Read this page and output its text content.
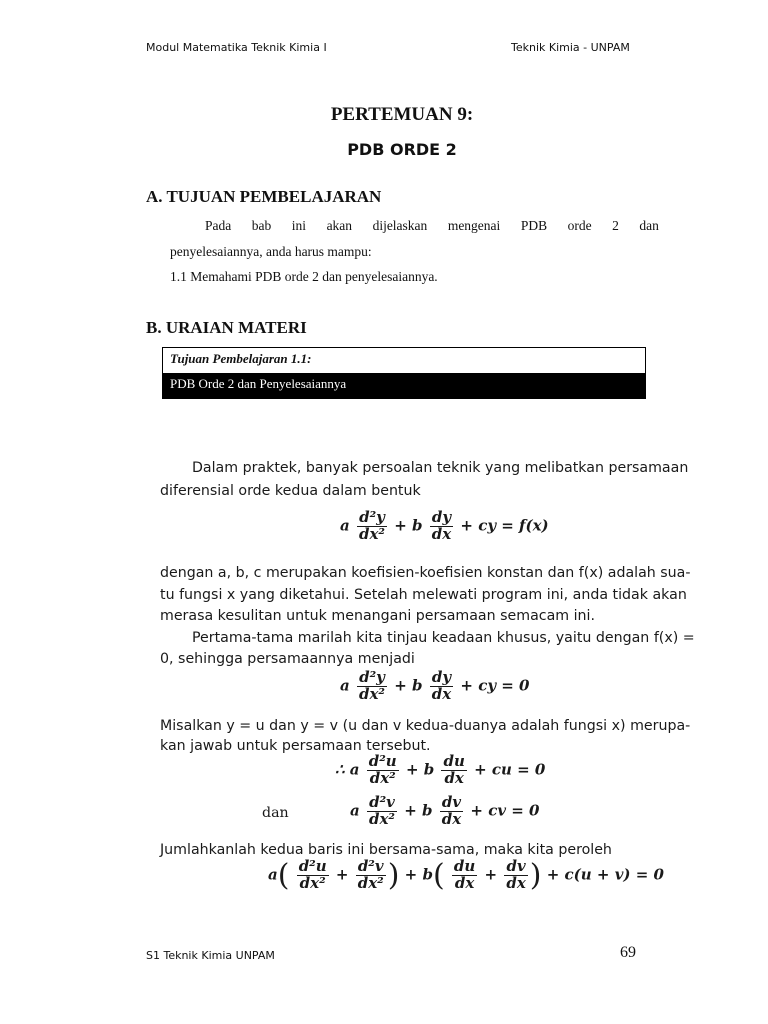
Modul Matematika Teknik Kimia I	Teknik Kimia - UNPAM
PERTEMUAN 9:
PDB ORDE 2
A. TUJUAN PEMBELAJARAN
Pada bab ini akan dijelaskan mengenai PDB orde 2 dan
penyelesaiannya, anda harus mampu:
1.1 Memahami PDB orde 2 dan penyelesaiannya.
B. URAIAN MATERI
Tujuan Pembelajaran 1.1:
PDB Orde 2 dan Penyelesaiannya
Dalam praktek, banyak persoalan teknik yang melibatkan persamaan
diferensial orde kedua dalam bentuk
a $\frac{\text{d²y}}{\text{dx²}} + b \frac{dy}{dx}$ + cy = f(x)
dengan a, b, c merupakan koefisien-koefisien konstan dan f(x) adalah sua-
tu fungsi x yang diketahui. Setelah melewati program ini, anda tidak akan
merasa kesulitan untuk menangani persamaan semacam ini.
Pertama-tama marilah kita tinjau keadaan khusus, yaitu dengan f(x) =
0, sehingga persamaannya menjadi
a $\frac{\text{d²y}}{\text{dx²}} + b \frac{dy}{dx}$ + cy = 0
Misalkan y = u dan y = v (u dan v kedua-duanya adalah fungsi x) merupa-
kan jawab untuk persamaan tersebut.
∴ a $\frac{\text{d²u}}{\text{dx²}} + b \frac{du}{dx}$ + cu = 0
dan	a $\frac{\text{d²v}}{\text{dx²}} + b \frac{dv}{dx}$ + cv = 0
Jumlahkanlah kedua baris ini bersama-sama, maka kita peroleh
$a( \frac{\text{d²u}}{\text{dx²}} + \frac{\text{d²v}}{\text{dx²}}$ ) + $b( \frac{du}{dx} + \frac{dv}{dx}$ ) + c(u + v) = 0
S1 Teknik Kimia UNPAM	69
